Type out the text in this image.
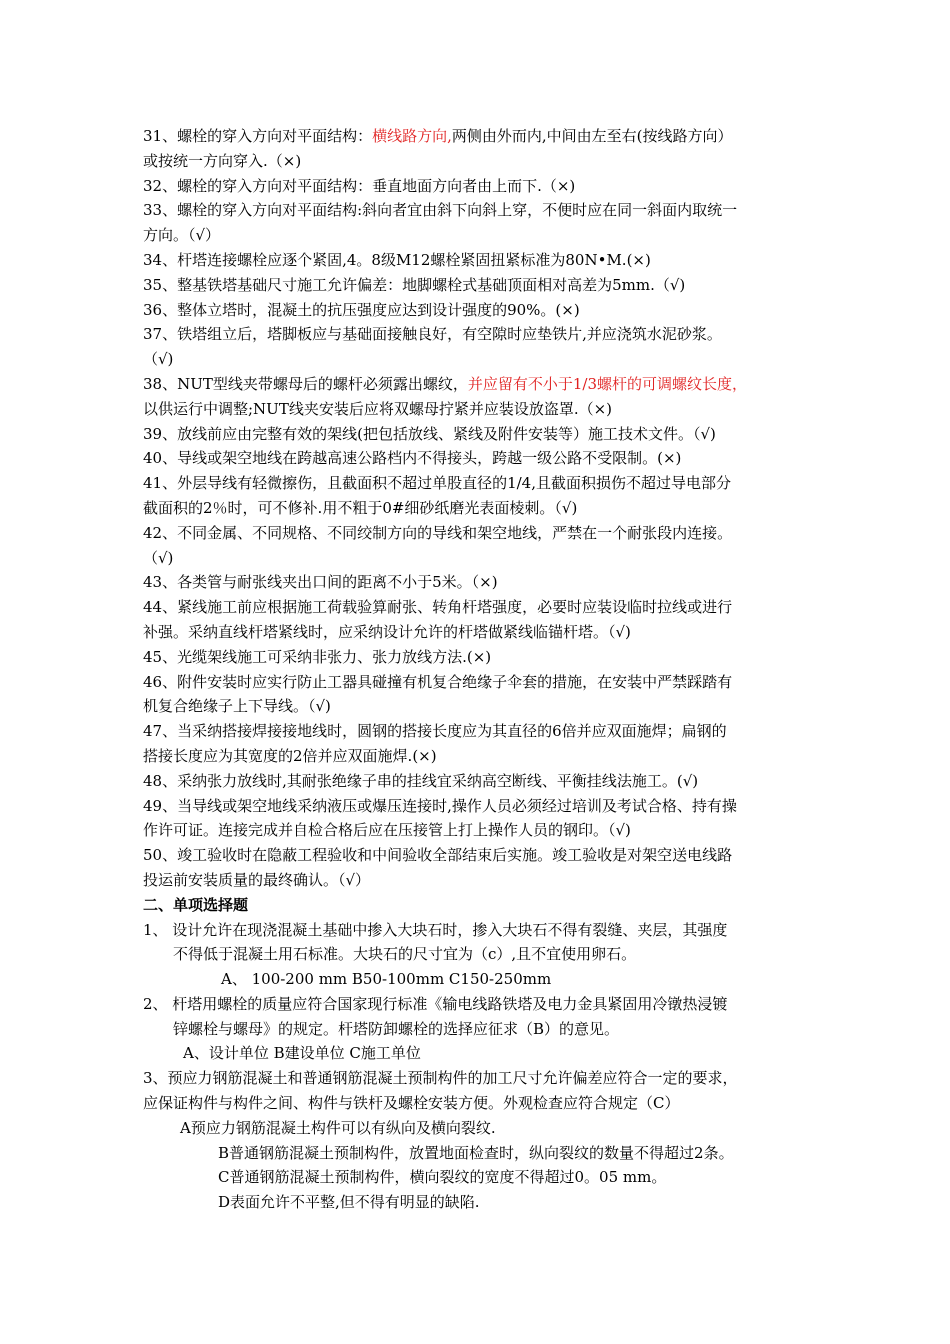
31、螺栓的穿入方向对平面结构：横线路方向,两侧由外而内,中间由左至右(按线路方向）
或按统一方向穿入.（×)
32、螺栓的穿入方向对平面结构：垂直地面方向者由上而下.（×)
33、螺栓的穿入方向对平面结构:斜向者宜由斜下向斜上穿，不便时应在同一斜面内取统一
方向。（√）
34、杆塔连接螺栓应逐个紧固,4。8级M12螺栓紧固扭紧标准为80N•M.(×)
35、整基铁塔基础尺寸施工允许偏差：地脚螺栓式基础顶面相对高差为5mm.（√)
36、整体立塔时，混凝土的抗压强度应达到设计强度的90%。(×)
37、铁塔组立后，塔脚板应与基础面接触良好，有空隙时应垫铁片,并应浇筑水泥砂浆。
（√)
38、NUT型线夹带螺母后的螺杆必须露出螺纹，并应留有不小于1/3螺杆的可调螺纹长度，
以供运行中调整;NUT线夹安装后应将双螺母拧紧并应装设放盗罩.（×)
39、放线前应由完整有效的架线(把包括放线、紧线及附件安装等）施工技术文件。（√)
40、导线或架空地线在跨越高速公路档内不得接头，跨越一级公路不受限制。(×)
41、外层导线有轻微擦伤，且截面积不超过单股直径的1/4,且截面积损伤不超过导电部分
截面积的2％时，可不修补.用不粗于0#细砂纸磨光表面棱刺。（√)
42、不同金属、不同规格、不同绞制方向的导线和架空地线，严禁在一个耐张段内连接。
（√)
43、各类管与耐张线夹出口间的距离不小于5米。（×)
44、紧线施工前应根据施工荷载验算耐张、转角杆塔强度，必要时应装设临时拉线或进行
补强。采纳直线杆塔紧线时，应采纳设计允许的杆塔做紧线临锚杆塔。（√)
45、光缆架线施工可采纳非张力、张力放线方法.(×)
46、附件安装时应实行防止工器具碰撞有机复合绝缘子伞套的措施，在安装中严禁踩踏有
机复合绝缘子上下导线。（√)
47、当采纳搭接焊接接地线时，圆钢的搭接长度应为其直径的6倍并应双面施焊；扁钢的
搭接长度应为其宽度的2倍并应双面施焊.(×)
48、采纳张力放线时,其耐张绝缘子串的挂线宜采纳高空断线、平衡挂线法施工。(√)
49、当导线或架空地线采纳液压或爆压连接时,操作人员必须经过培训及考试合格、持有操
作许可证。连接完成并自检合格后应在压接管上打上操作人员的钢印。（√)
50、竣工验收时在隐蔽工程验收和中间验收全部结束后实施。竣工验收是对架空送电线路
投运前安装质量的最终确认。（√）
二、单项选择题
1、 设计允许在现浇混凝土基础中掺入大块石时，掺入大块石不得有裂缝、夹层，其强度
不得低于混凝土用石标准。大块石的尺寸宜为（c）,且不宜使用卵石。
A、 100-200 mm B50-100mm C150-250mm
2、 杆塔用螺栓的质量应符合国家现行标准《输电线路铁塔及电力金具紧固用冷镦热浸镀
锌螺栓与螺母》的规定。杆塔防卸螺栓的选择应征求（B）的意见。
A、设计单位 B建设单位 C施工单位
3、预应力钢筋混凝土和普通钢筋混凝土预制构件的加工尺寸允许偏差应符合一定的要求，
应保证构件与构件之间、构件与铁杆及螺栓安装方便。外观检查应符合规定（C）
A预应力钢筋混凝土构件可以有纵向及横向裂纹.
B普通钢筋混凝土预制构件，放置地面检查时，纵向裂纹的数量不得超过2条。
C普通钢筋混凝土预制构件，横向裂纹的宽度不得超过0。05 mm。
D表面允许不平整,但不得有明显的缺陷.
